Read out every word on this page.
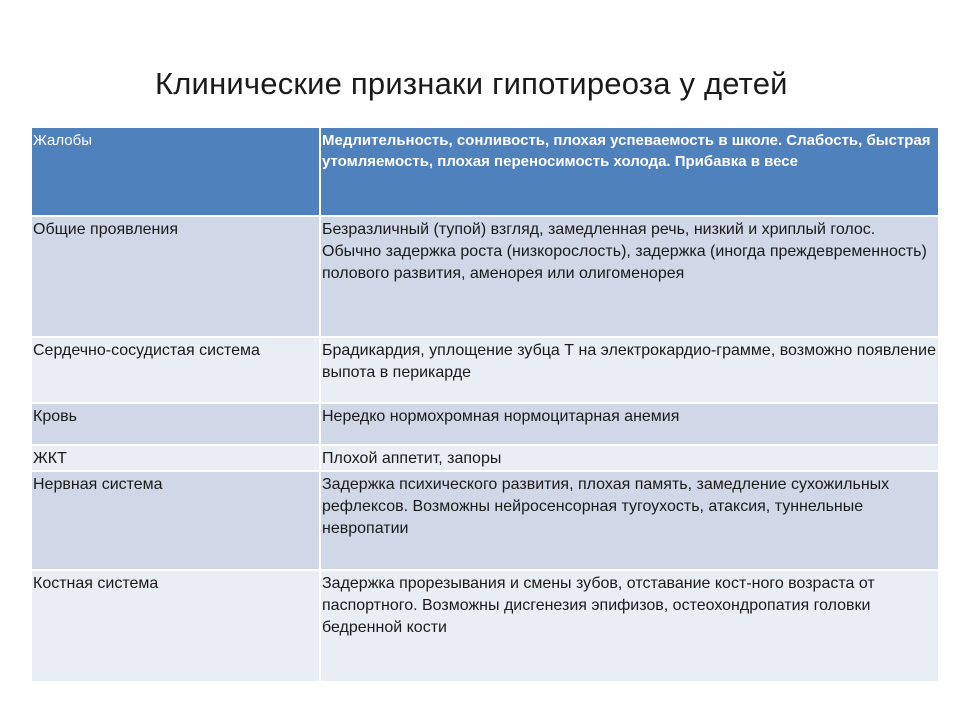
Клинические признаки гипотиреоза у детей
Жалобы	Медлительность, сонливость, плохая успеваемость в школе. Слабость, быстрая утомляемость, плохая переносимость холода. Прибавка в весе
Общие проявления	Безразличный (тупой) взгляд, замедленная речь, низкий и хриплый голос. Обычно задержка роста (низкорослость), задержка (иногда преждевременность) полового развития, аменорея или олигоменорея
Сердечно-сосудистая система	Брадикардия, уплощение зубца Т на электрокардио-грамме, возможно появление выпота в перикарде
Кровь	Нередко нормохромная нормоцитарная анемия
ЖКТ	Плохой аппетит, запоры
Нервная система	Задержка психического развития, плохая память, замедление сухожильных рефлексов. Возможны нейросенсорная тугоухость, атаксия, туннельные невропатии
Костная система	Задержка прорезывания и смены зубов, отставание кост-ного возраста от паспортного. Возможны дисгенезия эпифизов, остеохондропатия головки бедренной кости
